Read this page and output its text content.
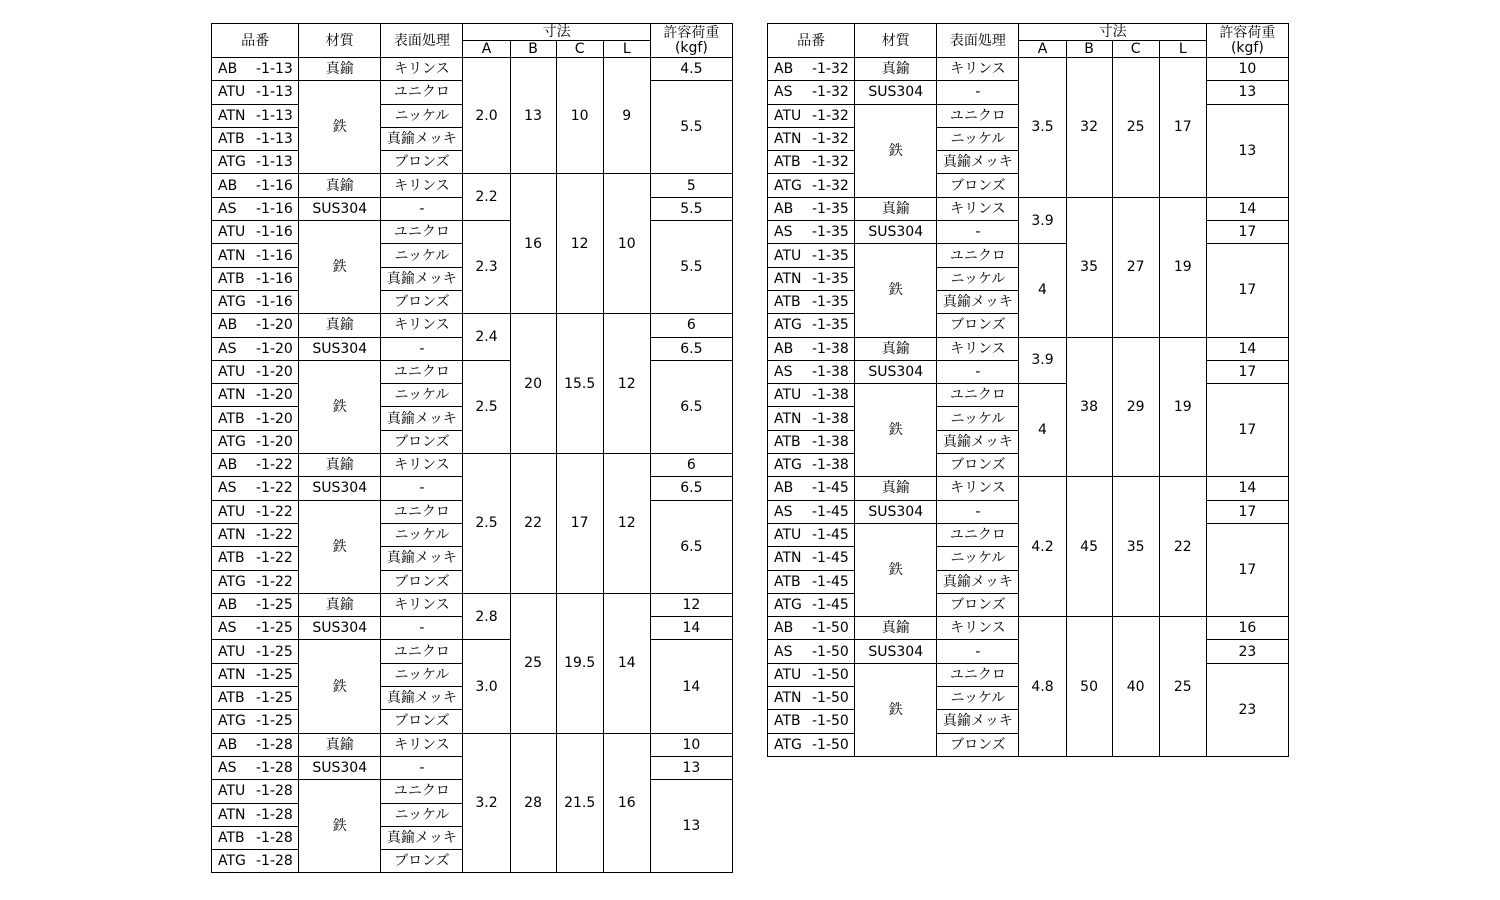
品番	材質	表面処理	寸法				許容荷重
(kgf)
			A	B	C	L	
AB -1-13	真鍮	キリンス	2.0	13	10	9	4.5
ATU -1-13	鉄	ユニクロ					5.5
ATN -1-13		ニッケル					
ATB -1-13		真鍮メッキ					
ATG -1-13		ブロンズ					
AB -1-16	真鍮	キリンス	2.2	16	12	10	5
AS -1-16	SUS304	-					5.5
ATU -1-16	鉄	ユニクロ	2.3				5.5
ATN -1-16		ニッケル					
ATB -1-16		真鍮メッキ					
ATG -1-16		ブロンズ					
AB -1-20	真鍮	キリンス	2.4	20	15.5	12	6
AS -1-20	SUS304	-					6.5
ATU -1-20	鉄	ユニクロ	2.5				6.5
ATN -1-20		ニッケル					
ATB -1-20		真鍮メッキ					
ATG -1-20		ブロンズ					
AB -1-22	真鍮	キリンス	2.5	22	17	12	6
AS -1-22	SUS304	-					6.5
ATU -1-22	鉄	ユニクロ					6.5
ATN -1-22		ニッケル					
ATB -1-22		真鍮メッキ					
ATG -1-22		ブロンズ					
AB -1-25	真鍮	キリンス	2.8	25	19.5	14	12
AS -1-25	SUS304	-					14
ATU -1-25	鉄	ユニクロ	3.0				14
ATN -1-25		ニッケル					
ATB -1-25		真鍮メッキ					
ATG -1-25		ブロンズ					
AB -1-28	真鍮	キリンス	3.2	28	21.5	16	10
AS -1-28	SUS304	-					13
ATU -1-28	鉄	ユニクロ					13
ATN -1-28		ニッケル					
ATB -1-28		真鍮メッキ					
ATG -1-28		ブロンズ					
品番	材質	表面処理	寸法				許容荷重
(kgf)
			A	B	C	L	
AB -1-32	真鍮	キリンス	3.5	32	25	17	10
AS -1-32	SUS304	-					13
ATU -1-32	鉄	ユニクロ					13
ATN -1-32		ニッケル					
ATB -1-32		真鍮メッキ					
ATG -1-32		ブロンズ					
AB -1-35	真鍮	キリンス	3.9	35	27	19	14
AS -1-35	SUS304	-					17
ATU -1-35	鉄	ユニクロ	4				17
ATN -1-35		ニッケル					
ATB -1-35		真鍮メッキ					
ATG -1-35		ブロンズ					
AB -1-38	真鍮	キリンス	3.9	38	29	19	14
AS -1-38	SUS304	-					17
ATU -1-38	鉄	ユニクロ	4				17
ATN -1-38		ニッケル					
ATB -1-38		真鍮メッキ					
ATG -1-38		ブロンズ					
AB -1-45	真鍮	キリンス	4.2	45	35	22	14
AS -1-45	SUS304	-					17
ATU -1-45	鉄	ユニクロ					17
ATN -1-45		ニッケル					
ATB -1-45		真鍮メッキ					
ATG -1-45		ブロンズ					
AB -1-50	真鍮	キリンス	4.8	50	40	25	16
AS -1-50	SUS304	-					23
ATU -1-50	鉄	ユニクロ					23
ATN -1-50		ニッケル					
ATB -1-50		真鍮メッキ					
ATG -1-50		ブロンズ					
